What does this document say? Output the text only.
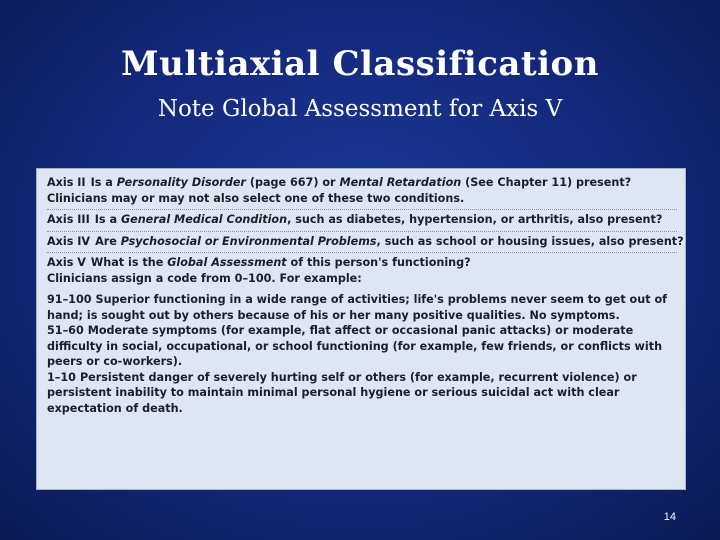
Multiaxial Classification
Note Global Assessment for Axis V
Axis II Is a Personality Disorder (page 667) or Mental Retardation (See Chapter 11) present?
Clinicians may or may not also select one of these two conditions.
Axis III Is a General Medical Condition, such as diabetes, hypertension, or arthritis, also present?
Axis IV Are Psychosocial or Environmental Problems, such as school or housing issues, also present?
Axis V What is the Global Assessment of this person's functioning?
Clinicians assign a code from 0–100. For example:
91–100 Superior functioning in a wide range of activities; life's problems never seem to get out of hand; is sought out by others because of his or her many positive qualities. No symptoms.
51–60 Moderate symptoms (for example, flat affect or occasional panic attacks) or moderate difficulty in social, occupational, or school functioning (for example, few friends, or conflicts with peers or co-workers).
1–10 Persistent danger of severely hurting self or others (for example, recurrent violence) or persistent inability to maintain minimal personal hygiene or serious suicidal act with clear expectation of death.
14
